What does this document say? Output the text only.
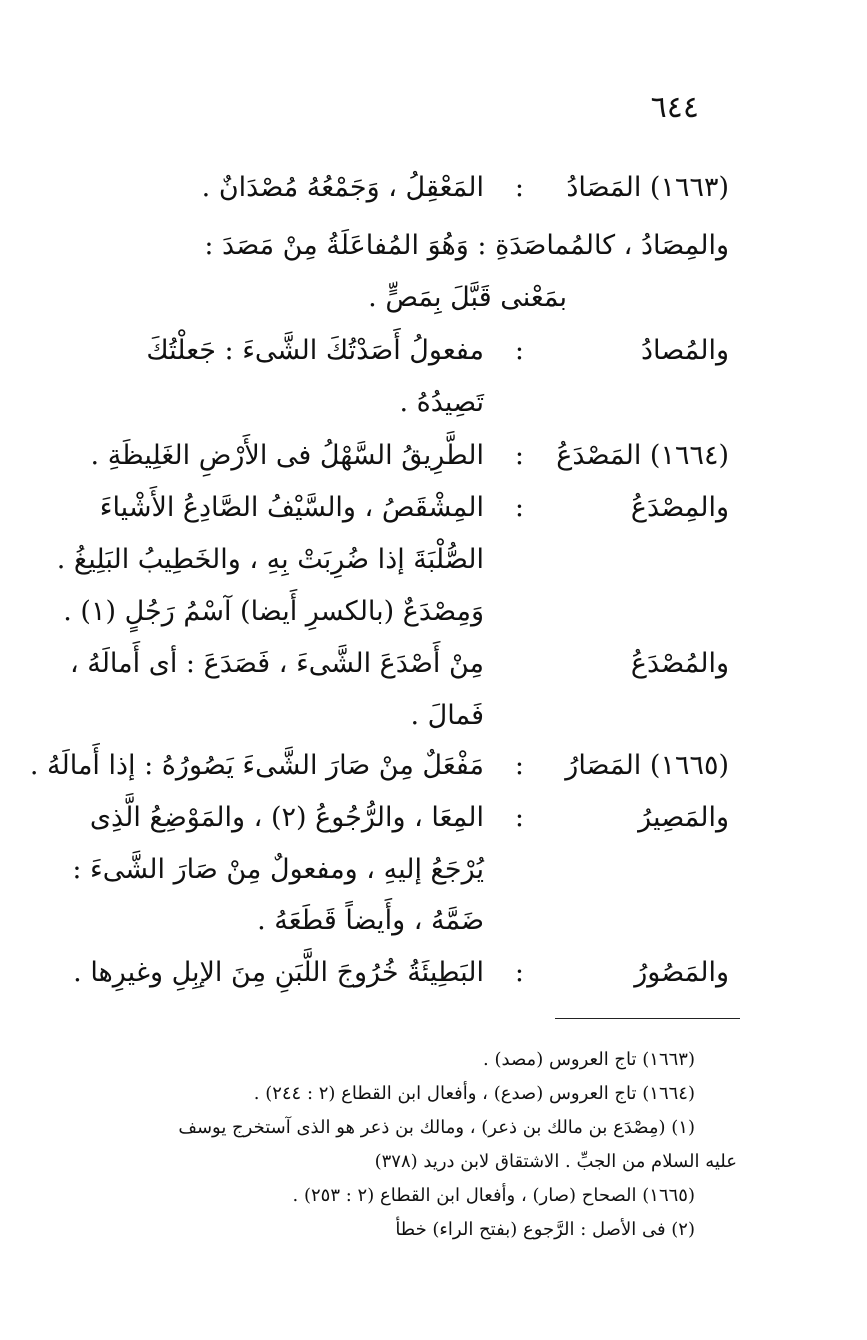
٦٤٤
(١٦٦٣) المَصَادُ
:
المَعْقِلُ ، وَجَمْعُهُ مُصْدَانٌ .
والمِصَادُ ، كالمُماصَدَةِ : وَهُوَ المُفاعَلَةُ مِنْ مَصَدَ :
بمَعْنى قَبَّلَ بِمَصٍّ .
والمُصادُ
:
مفعولُ أَصَدْتُكَ الشَّىءَ : جَعلْتُكَ
تَصِيدُهُ .
(١٦٦٤) المَصْدَعُ
:
الطَّرِيقُ السَّهْلُ فى الأَرْضِ الغَلِيظَةِ .
والمِصْدَعُ
:
المِشْقَصُ ، والسَّيْفُ الصَّادِعُ الأَشْياءَ
الصُّلْبَةَ إذا ضُرِبَتْ بِهِ ، والخَطِيبُ البَلِيغُ .
وَمِصْدَعٌ (بالكسرِ أَيضا) آسْمُ رَجُلٍ (١) .
والمُصْدَعُ
مِنْ أَصْدَعَ الشَّىءَ ، فَصَدَعَ : أى أَمالَهُ ،
فَمالَ .
(١٦٦٥) المَصَارُ
:
مَفْعَلٌ مِنْ صَارَ الشَّىءَ يَصُورُهُ : إذا أَمالَهُ .
والمَصِيرُ
:
المِعَا ، والرُّجُوعُ (٢) ، والمَوْضِعُ الَّذِى
يُرْجَعُ إليهِ ، ومفعولٌ مِنْ صَارَ الشَّىءَ :
ضَمَّهُ ، وأَيضاً قَطَعَهُ .
والمَصُورُ
:
البَطِيئَةُ خُرُوجَ اللَّبَنِ مِنَ الإبِلِ وغيرِها .
(١٦٦٣) تاج العروس (مصد) .
(١٦٦٤) تاج العروس (صدع) ، وأفعال ابن القطاع (٢ : ٢٤٤) .
(١) (مِصْدَع بن مالك بن ذعر) ، ومالك بن ذعر هو الذى آستخرج يوسف
عليه السلام من الجبِّ . الاشتقاق لابن دريد (٣٧٨)
(١٦٦٥) الصحاح (صار) ، وأفعال ابن القطاع (٢ : ٢٥٣) .
(٢) فى الأصل : الرَّجوع (بفتح الراء) خطأ
